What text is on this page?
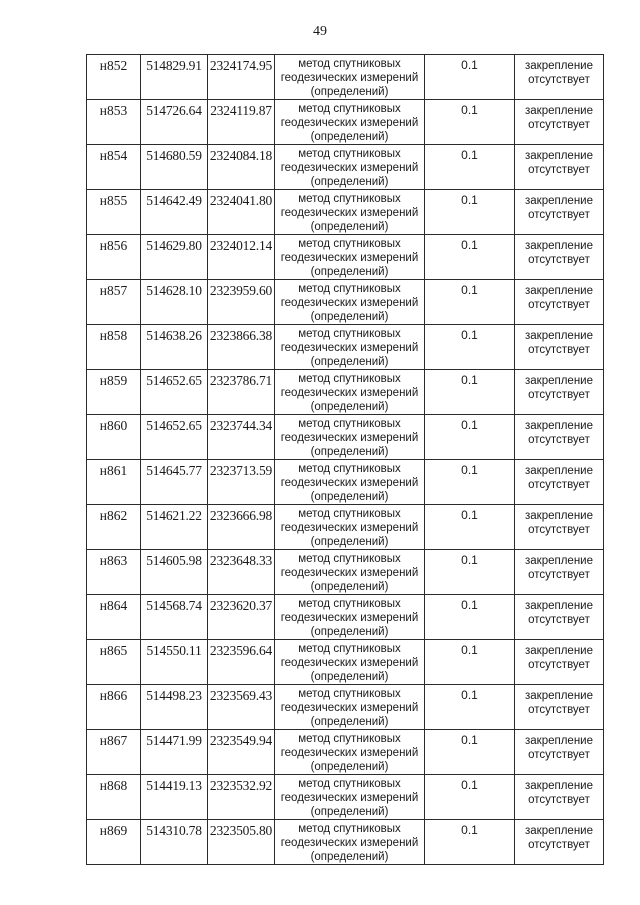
49
н852	514829.91	2324174.95	метод спутниковых
геодезических измерений
(определений)	0.1	закрепление
отсутствует

н853	514726.64	2324119.87	метод спутниковых
геодезических измерений
(определений)	0.1	закрепление
отсутствует

н854	514680.59	2324084.18	метод спутниковых
геодезических измерений
(определений)	0.1	закрепление
отсутствует

н855	514642.49	2324041.80	метод спутниковых
геодезических измерений
(определений)	0.1	закрепление
отсутствует

н856	514629.80	2324012.14	метод спутниковых
геодезических измерений
(определений)	0.1	закрепление
отсутствует

н857	514628.10	2323959.60	метод спутниковых
геодезических измерений
(определений)	0.1	закрепление
отсутствует

н858	514638.26	2323866.38	метод спутниковых
геодезических измерений
(определений)	0.1	закрепление
отсутствует

н859	514652.65	2323786.71	метод спутниковых
геодезических измерений
(определений)	0.1	закрепление
отсутствует

н860	514652.65	2323744.34	метод спутниковых
геодезических измерений
(определений)	0.1	закрепление
отсутствует

н861	514645.77	2323713.59	метод спутниковых
геодезических измерений
(определений)	0.1	закрепление
отсутствует

н862	514621.22	2323666.98	метод спутниковых
геодезических измерений
(определений)	0.1	закрепление
отсутствует

н863	514605.98	2323648.33	метод спутниковых
геодезических измерений
(определений)	0.1	закрепление
отсутствует

н864	514568.74	2323620.37	метод спутниковых
геодезических измерений
(определений)	0.1	закрепление
отсутствует

н865	514550.11	2323596.64	метод спутниковых
геодезических измерений
(определений)	0.1	закрепление
отсутствует

н866	514498.23	2323569.43	метод спутниковых
геодезических измерений
(определений)	0.1	закрепление
отсутствует

н867	514471.99	2323549.94	метод спутниковых
геодезических измерений
(определений)	0.1	закрепление
отсутствует

н868	514419.13	2323532.92	метод спутниковых
геодезических измерений
(определений)	0.1	закрепление
отсутствует

н869	514310.78	2323505.80	метод спутниковых
геодезических измерений
(определений)	0.1	закрепление
отсутствует
